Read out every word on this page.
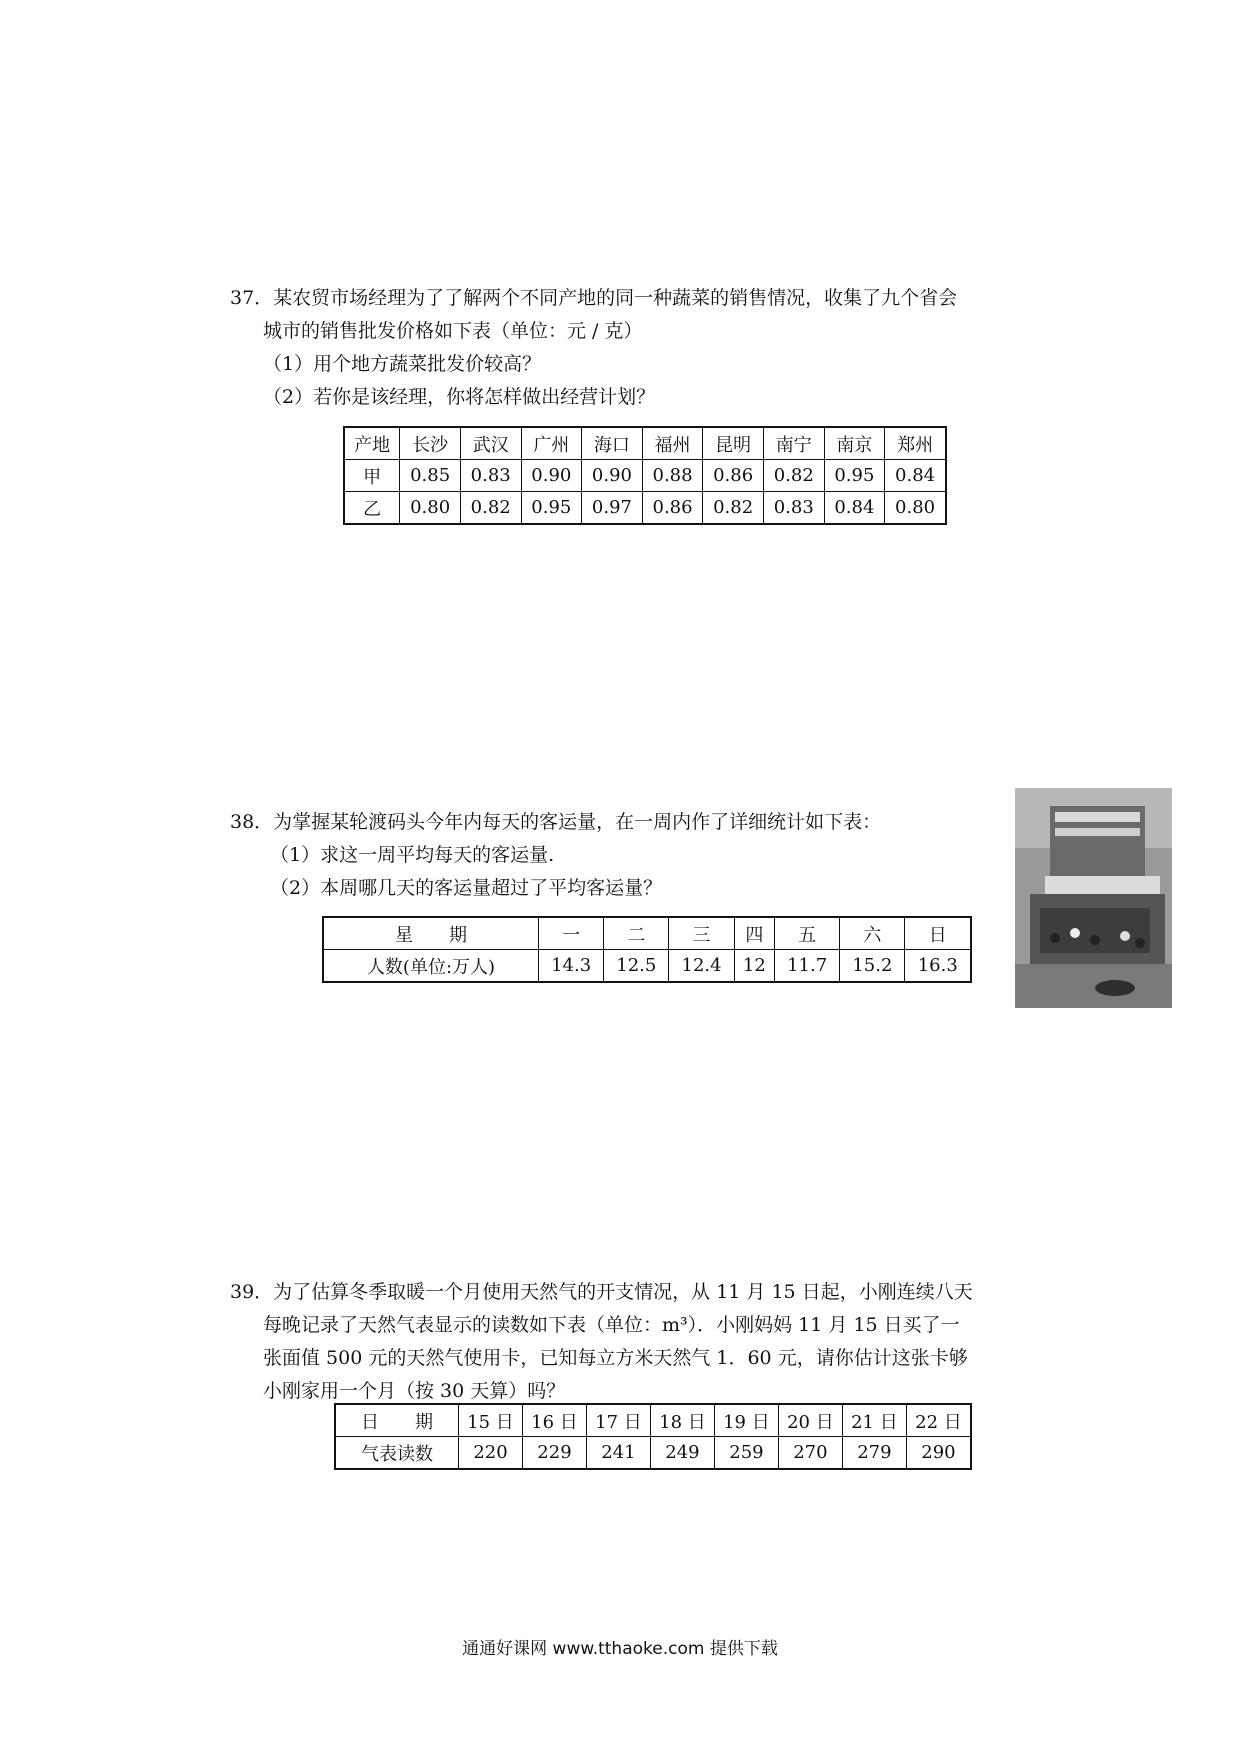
37．某农贸市场经理为了了解两个不同产地的同一种蔬菜的销售情况，收集了九个省会

城市的销售批发价格如下表（单位：元 / 克）

（1）用个地方蔬菜批发价较高？

（2）若你是该经理，你将怎样做出经营计划？

产地	长沙	武汉	广州	海口	福州	昆明	南宁	南京	郑州
甲	0.85	0.83	0.90	0.90	0.88	0.86	0.82	0.95	0.84
乙	0.80	0.82	0.95	0.97	0.86	0.82	0.83	0.84	0.80

38．为掌握某轮渡码头今年内每天的客运量，在一周内作了详细统计如下表：

（1）求这一周平均每天的客运量.

（2）本周哪几天的客运量超过了平均客运量？

星　　期	一	二	三	四	五	六	日
人数(单位:万人)	14.3	12.5	12.4	12	11.7	15.2	16.3

39．为了估算冬季取暖一个月使用天然气的开支情况，从 11 月 15 日起，小刚连续八天

每晚记录了天然气表显示的读数如下表（单位：m³）．小刚妈妈 11 月 15 日买了一

张面值 500 元的天然气使用卡，已知每立方米天然气 1．60 元，请你估计这张卡够

小刚家用一个月（按 30 天算）吗？

日　　期	15 日	16 日	17 日	18 日	19 日	20 日	21 日	22 日
气表读数	220	229	241	249	259	270	279	290
通通好课网 www.tthaoke.com 提供下载
